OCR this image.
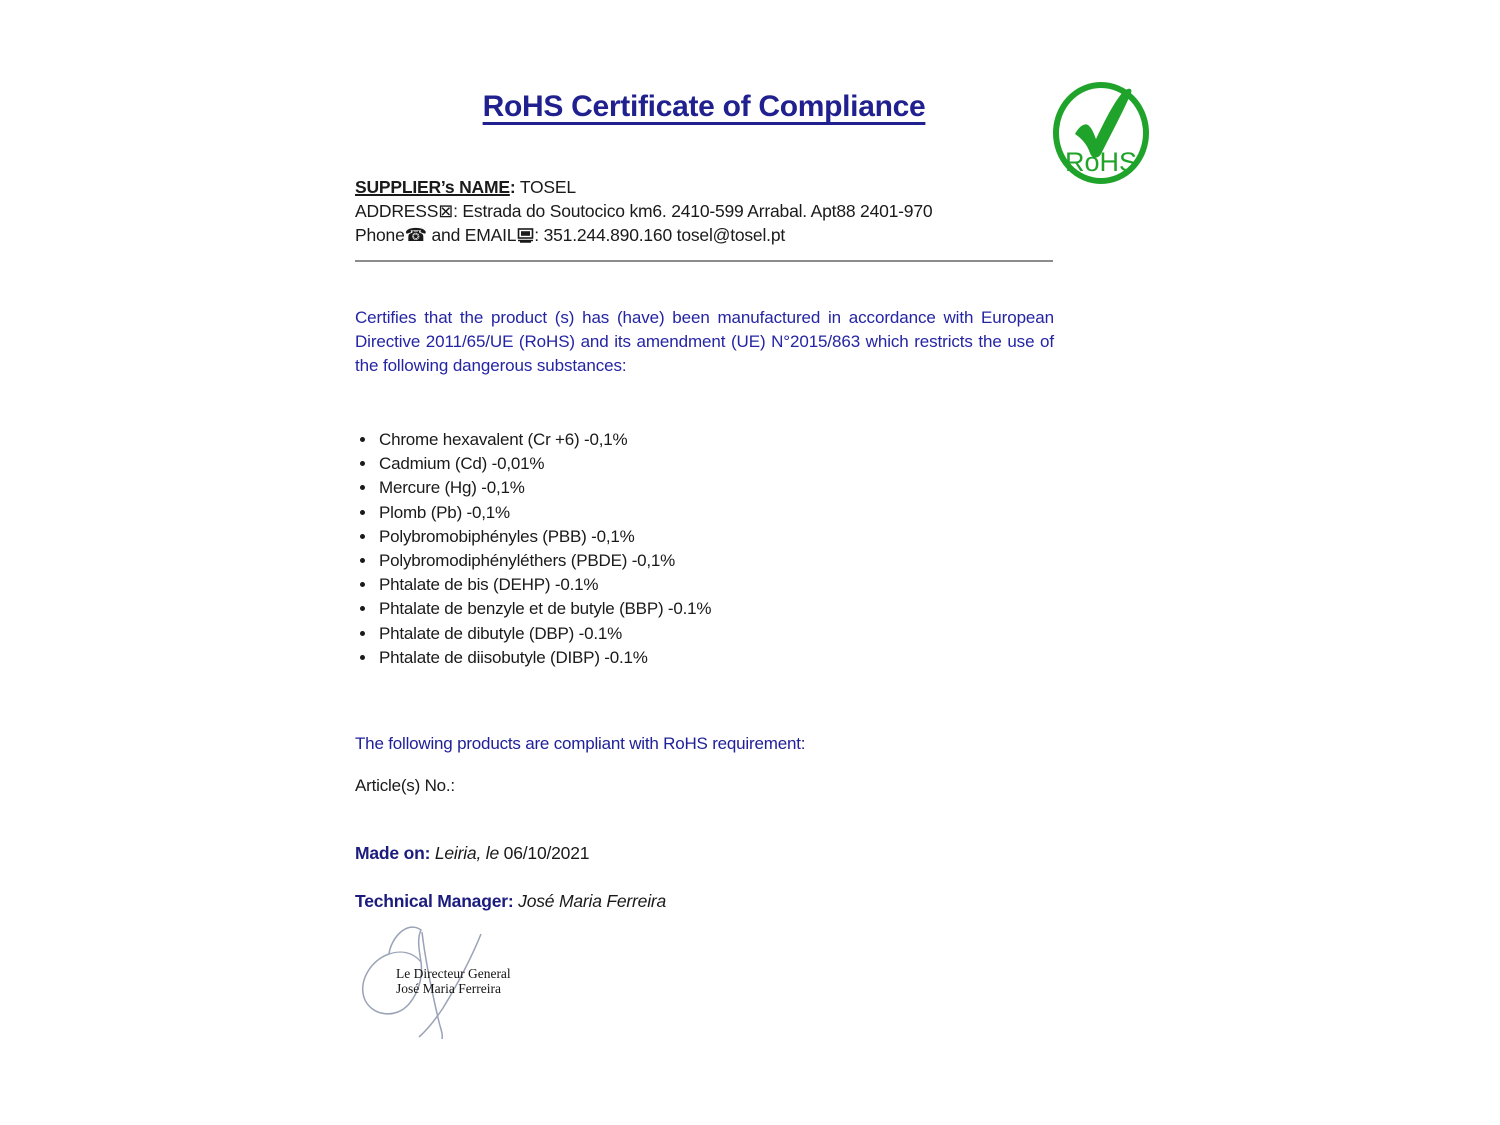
RoHS Certificate of Compliance
RoHS
SUPPLIER’s NAME: TOSEL
ADDRESS⊠: Estrada do Soutocico km6. 2410-599 Arrabal. Apt88 2401-970
Phone☎ and EMAIL : 351.244.890.160 tosel@tosel.pt
Certifies that the product (s) has (have) been manufactured in accordance with European Directive 2011/65/UE (RoHS) and its amendment (UE) N°2015/863 which restricts the use of the following dangerous substances:
• Chrome hexavalent (Cr +6) -0,1%
• Cadmium (Cd) -0,01%
• Mercure (Hg) -0,1%
• Plomb (Pb) -0,1%
• Polybromobiphényles (PBB) -0,1%
• Polybromodiphényléthers (PBDE) -0,1%
• Phtalate de bis (DEHP) -0.1%
• Phtalate de benzyle et de butyle (BBP) -0.1%
• Phtalate de dibutyle (DBP) -0.1%
• Phtalate de diisobutyle (DIBP) -0.1%
The following products are compliant with RoHS requirement:
Article(s) No.:
Made on: Leiria, le 06/10/2021
Technical Manager: José Maria Ferreira
Le Directeur General
José Maria Ferreira
